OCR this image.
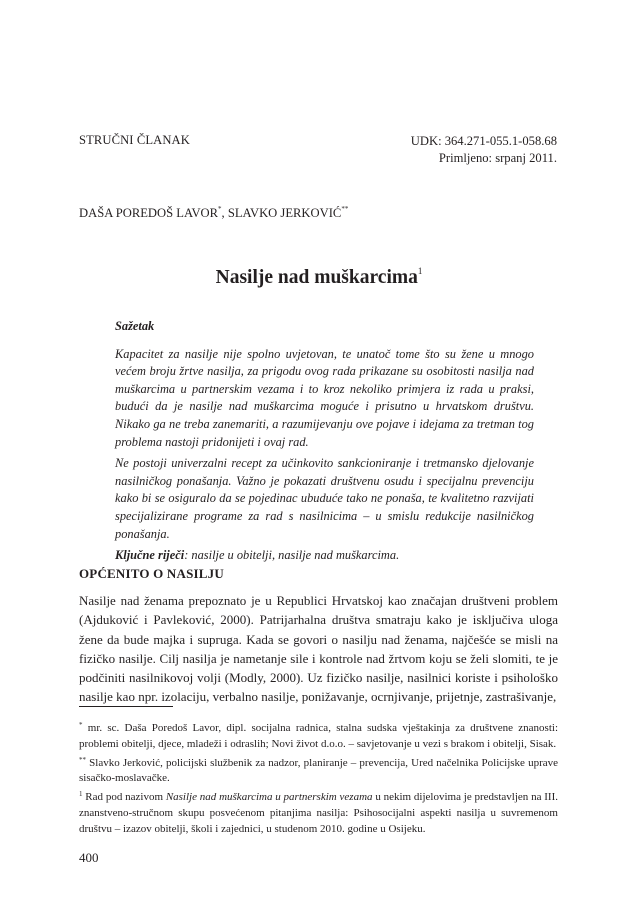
STRUČNI ČLANAK	UDK: 364.271-055.1-058.68
Primljeno: srpanj 2011.
DAŠA POREDOŠ LAVOR*, SLAVKO JERKOVIĆ**
Nasilje nad muškarcima$^1$
Sažetak

Kapacitet za nasilje nije spolno uvjetovan, te unatoč tome što su žene u mnogo većem broju žrtve nasilja, za prigodu ovog rada prikazane su osobitosti nasilja nad muškarcima u partnerskim vezama i to kroz nekoliko primjera iz rada u praksi, budući da je nasilje nad muškarcima moguće i prisutno u hrvatskom društvu. Nikako ga ne treba zanemariti, a razumijevanju ove pojave i idejama za tretman tog problema nastoji pridonijeti i ovaj rad.

Ne postoji univerzalni recept za učinkovito sankcioniranje i tretmansko djelovanje nasilničkog ponašanja. Važno je pokazati društvenu osudu i specijalnu prevenciju kako bi se osiguralo da se pojedinac ubuduće tako ne ponaša, te kvalitetno razvijati specijalizirane programe za rad s nasilnicima – u smislu redukcije nasilničkog ponašanja.

Ključne riječi: nasilje u obitelji, nasilje nad muškarcima.

OPĆENITO O NASILJU

Nasilje nad ženama prepoznato je u Republici Hrvatskoj kao značajan društveni problem (Ajduković i Pavleković, 2000). Patrijarhalna društva smatraju kako je isključiva uloga žene da bude majka i supruga. Kada se govori o nasilju nad ženama, najčešće se misli na fizičko nasilje. Cilj nasilja je nametanje sile i kontrole nad žrtvom koju se želi slomiti, te je podčiniti nasilnikovoj volji (Modly, 2000). Uz fizičko nasilje, nasilnici koriste i psihološko nasilje kao npr. izolaciju, verbalno nasilje, ponižavanje, ocrnjivanje, prijetnje, zastrašivanje,

* mr. sc. Daša Poredoš Lavor, dipl. socijalna radnica, stalna sudska vještakinja za društvene znanosti: problemi obitelji, djece, mladeži i odraslih; Novi život d.o.o. – savjetovanje u vezi s brakom i obitelji, Sisak.

** Slavko Jerković, policijski službenik za nadzor, planiranje – prevencija, Ured načelnika Policijske uprave sisačko-moslavačke.

$^1$ Rad pod nazivom Nasilje nad muškarcima u partnerskim vezama u nekim dijelovima je predstavljen na III. znanstveno-stručnom skupu posvećenom pitanjima nasilja: Psihosocijalni aspekti nasilja u suvremenom društvu – izazov obitelji, školi i zajednici, u studenom 2010. godine u Osijeku.

400
